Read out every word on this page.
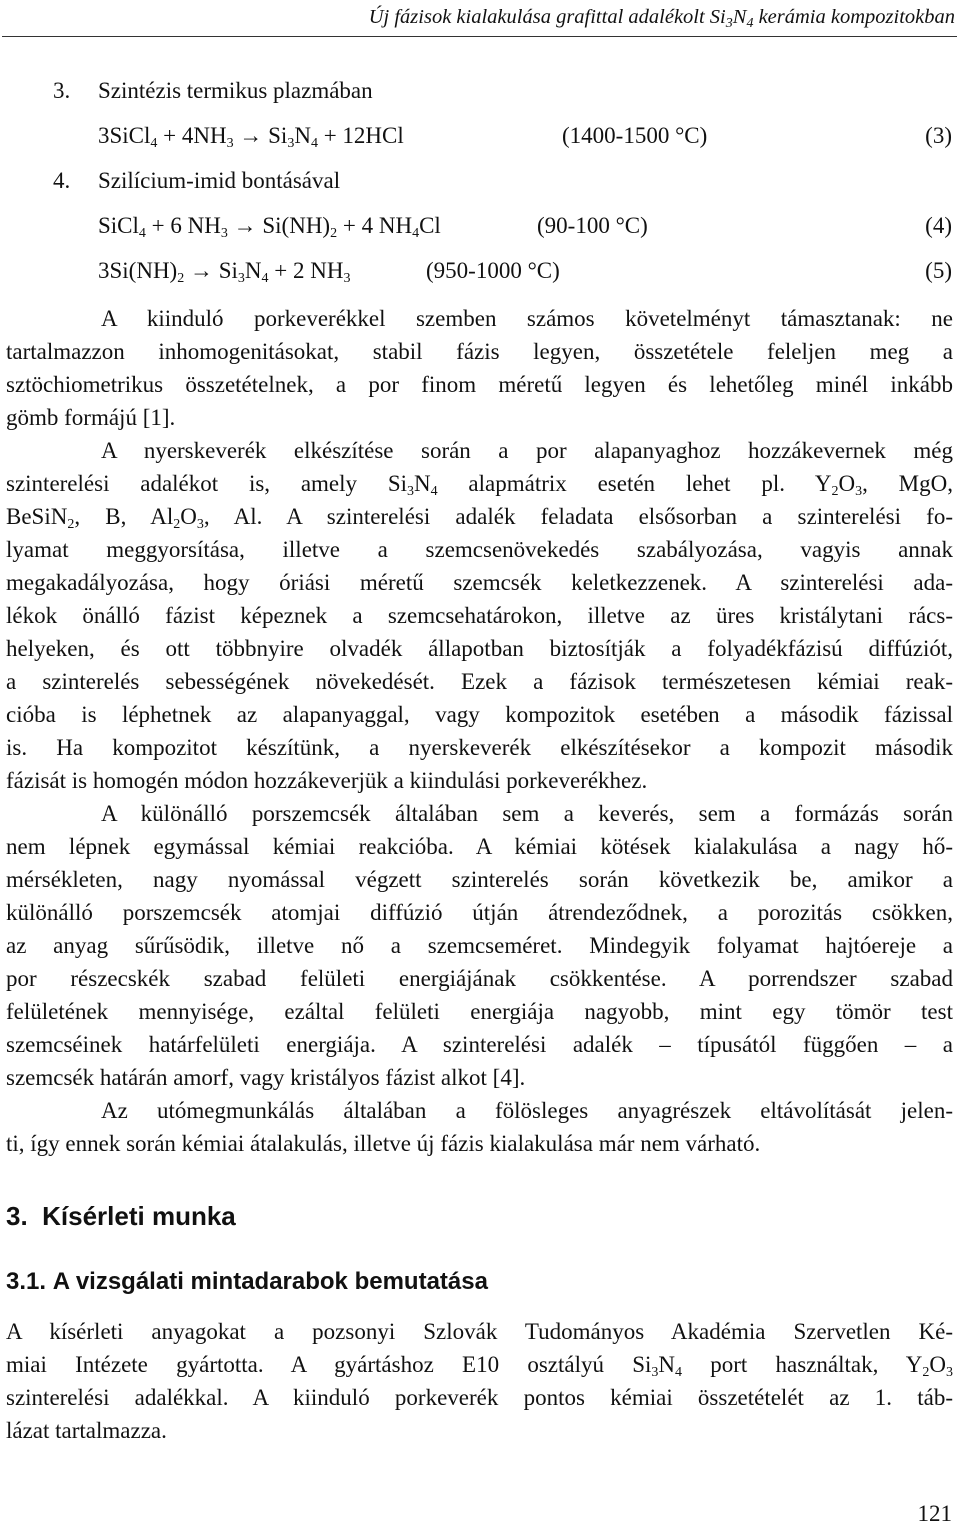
Új fázisok kialakulása grafittal adalékolt $Si_3N_4$ kerámia kompozitokban
3. Szintézis termikus plazmában
3SiCl$_4$ + $4NH_3 \to Si_3N_4 + 12HCl$	(1400-1500 °C)	(3)
4. Szilícium-imid bontásával
SiCl$_4$ + 6 $NH_3 \to Si(NH)_2 + 4$ $NH_4Cl$	(90-100 °C)	(4)
$3Si(NH)_2 \to Si_3N_4 + 2$ $NH_3$	(950-1000 °C)	(5)
A kiinduló porkeverékkel szemben számos követelményt támasztanak: ne
tartalmazzon inhomogenitásokat, stabil fázis legyen, összetétele feleljen meg a
sztöchiometrikus összetételnek, a por finom méretű legyen és lehetőleg minél inkább
gömb formájú [1].
A nyerskeverék elkészítése során a por alapanyaghoz hozzákevernek még
szinterelési adalékot is, amely $Si_3N_4$ alapmátrix esetén lehet pl. $Y_2O_3$, MgO,
BeSiN$_2$, B, $Al_2O_3$, Al. A szinterelési adalék feladata elsősorban a szinterelési fo-
lyamat meggyorsítása, illetve a szemcsenövekedés szabályozása, vagyis annak
megakadályozása, hogy óriási méretű szemcsék keletkezzenek. A szinterelési ada-
lékok önálló fázist képeznek a szemcsehatárokon, illetve az üres kristálytani rács-
helyeken, és ott többnyire olvadék állapotban biztosítják a folyadékfázisú diffúziót,
a szinterelés sebességének növekedését. Ezek a fázisok természetesen kémiai reak-
cióba is léphetnek az alapanyaggal, vagy kompozitok esetében a második fázissal
is. Ha kompozitot készítünk, a nyerskeverék elkészítésekor a kompozit második
fázisát is homogén módon hozzákeverjük a kiindulási porkeverékhez.
A különálló porszemcsék általában sem a keverés, sem a formázás során
nem lépnek egymással kémiai reakcióba. A kémiai kötések kialakulása a nagy hő-
mérsékleten, nagy nyomással végzett szinterelés során következik be, amikor a
különálló porszemcsék atomjai diffúzió útján átrendeződnek, a porozitás csökken,
az anyag sűrűsödik, illetve nő a szemcseméret. Mindegyik folyamat hajtóereje a
por részecskék szabad felületi energiájának csökkentése. A porrendszer szabad
felületének mennyisége, ezáltal felületi energiája nagyobb, mint egy tömör test
szemcséinek határfelületi energiája. A szinterelési adalék – típusától függően – a
szemcsék határán amorf, vagy kristályos fázist alkot [4].
Az utómegmunkálás általában a fölösleges anyagrészek eltávolítását jelen-
ti, így ennek során kémiai átalakulás, illetve új fázis kialakulása már nem várható.
3. Kísérleti munka
3.1. A vizsgálati mintadarabok bemutatása
A kísérleti anyagokat a pozsonyi Szlovák Tudományos Akadémia Szervetlen Ké-
miai Intézete gyártotta. A gyártáshoz E10 osztályú $Si_3N_4$ port használtak, $Y_2O_3$
szinterelési adalékkal. A kiinduló porkeverék pontos kémiai összetételét az 1. táb-
lázat tartalmazza.
121
